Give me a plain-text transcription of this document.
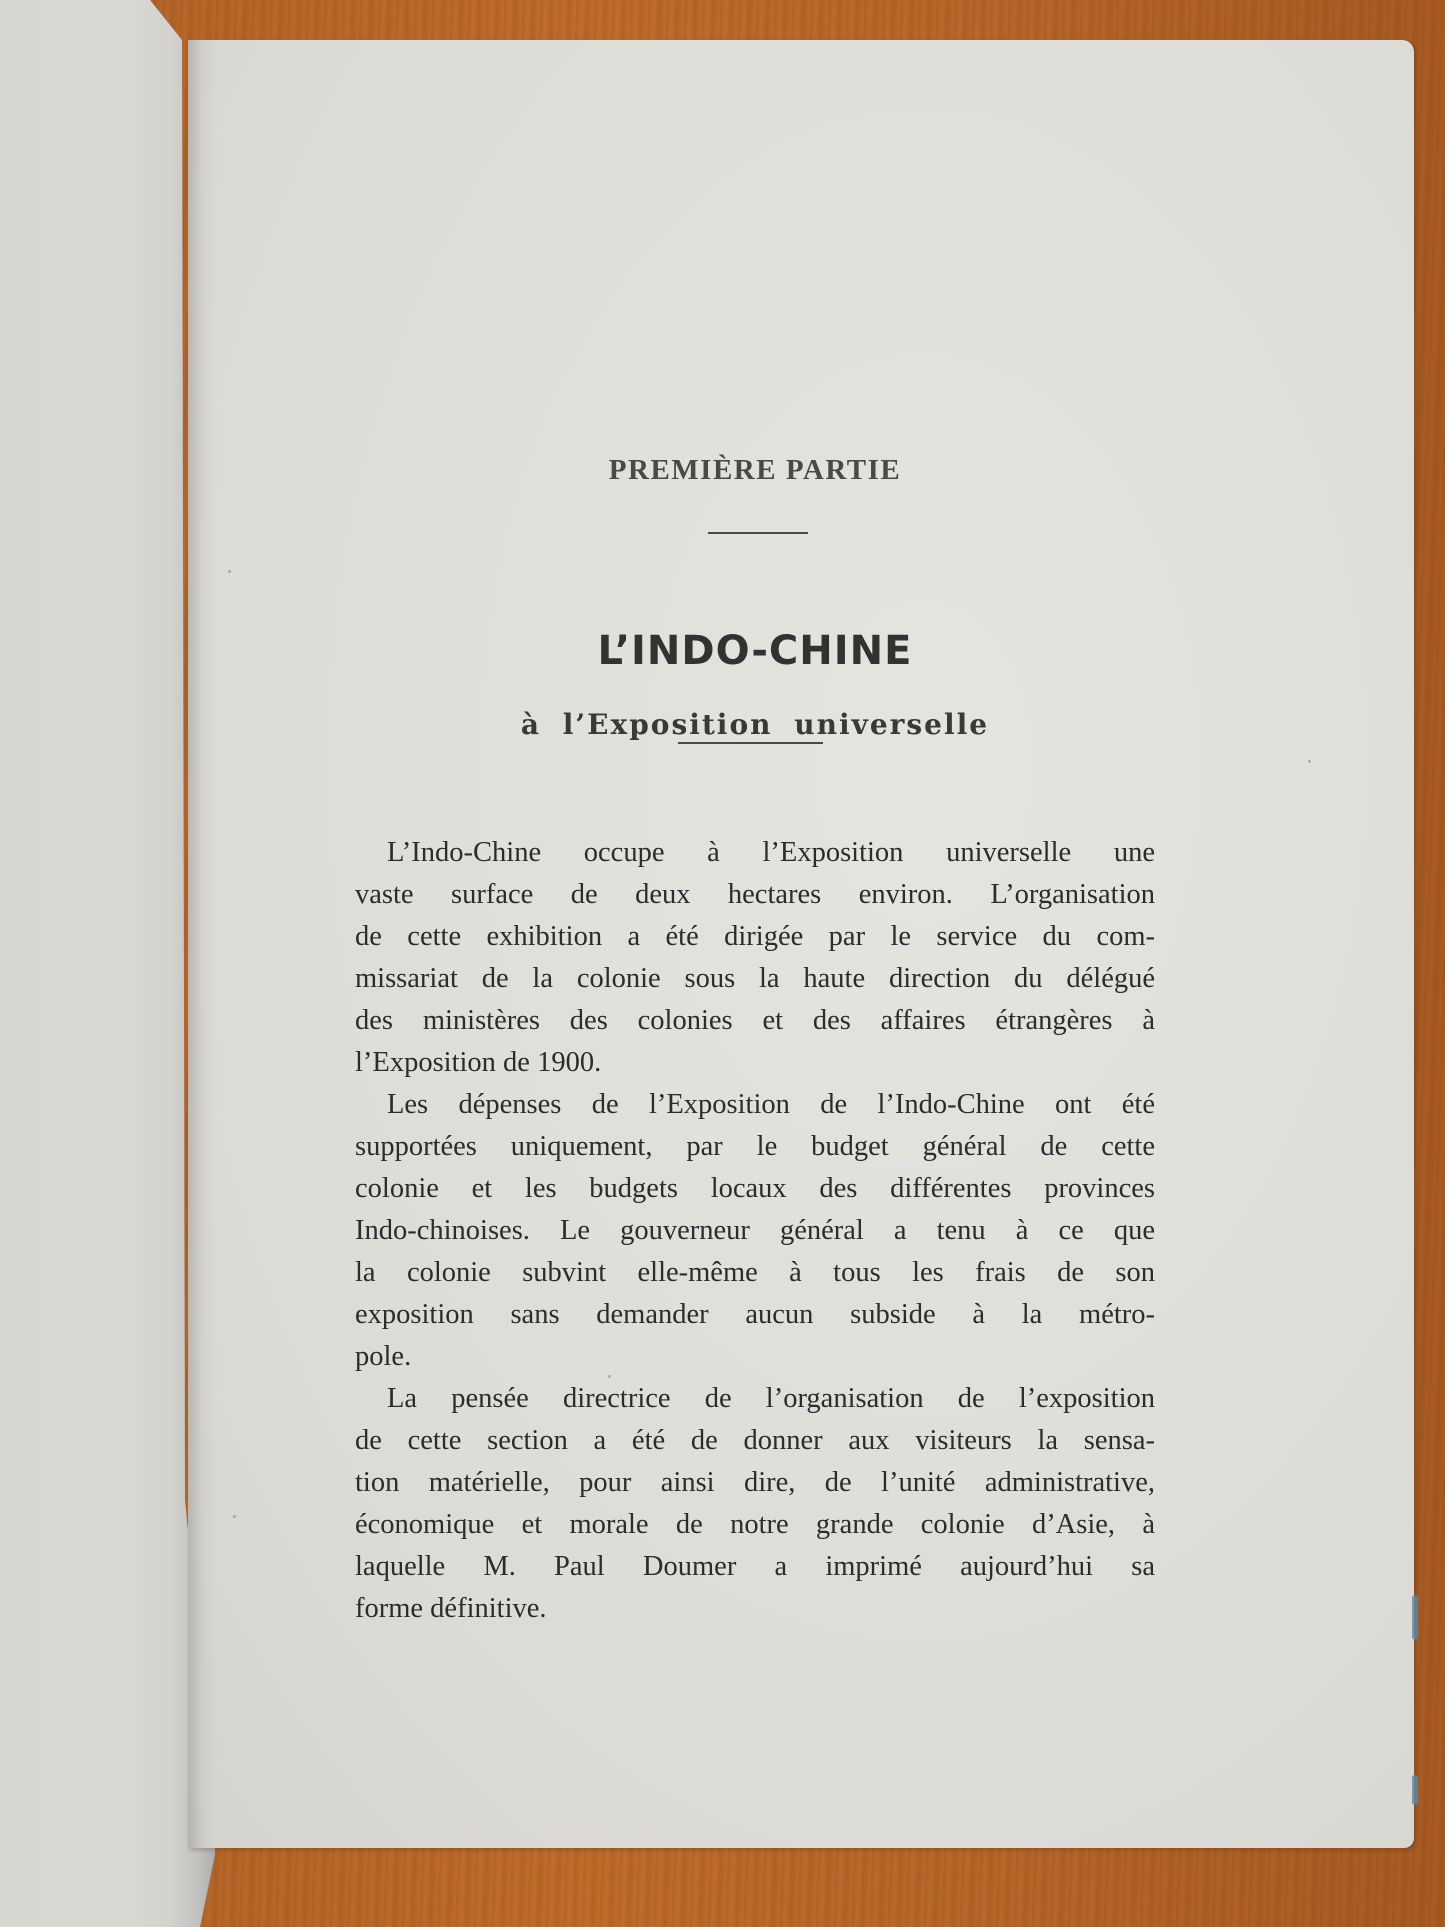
PREMIÈRE PARTIE
L’INDO-CHINE
à l’Exposition universelle

L’Indo-Chine occupe à l’Exposition universelle une
vaste surface de deux hectares environ. L’organisation
de cette exhibition a été dirigée par le service du com-
missariat de la colonie sous la haute direction du délégué
des ministères des colonies et des affaires étrangères à
l’Exposition de 1900.

Les dépenses de l’Exposition de l’Indo-Chine ont été
supportées uniquement, par le budget général de cette
colonie et les budgets locaux des différentes provinces
Indo-chinoises. Le gouverneur général a tenu à ce que
la colonie subvint elle-même à tous les frais de son
exposition sans demander aucun subside à la métro-
pole.

La pensée directrice de l’organisation de l’exposition
de cette section a été de donner aux visiteurs la sensa-
tion matérielle, pour ainsi dire, de l’unité administrative,
économique et morale de notre grande colonie d’Asie, à
laquelle M. Paul Doumer a imprimé aujourd’hui sa
forme définitive.
